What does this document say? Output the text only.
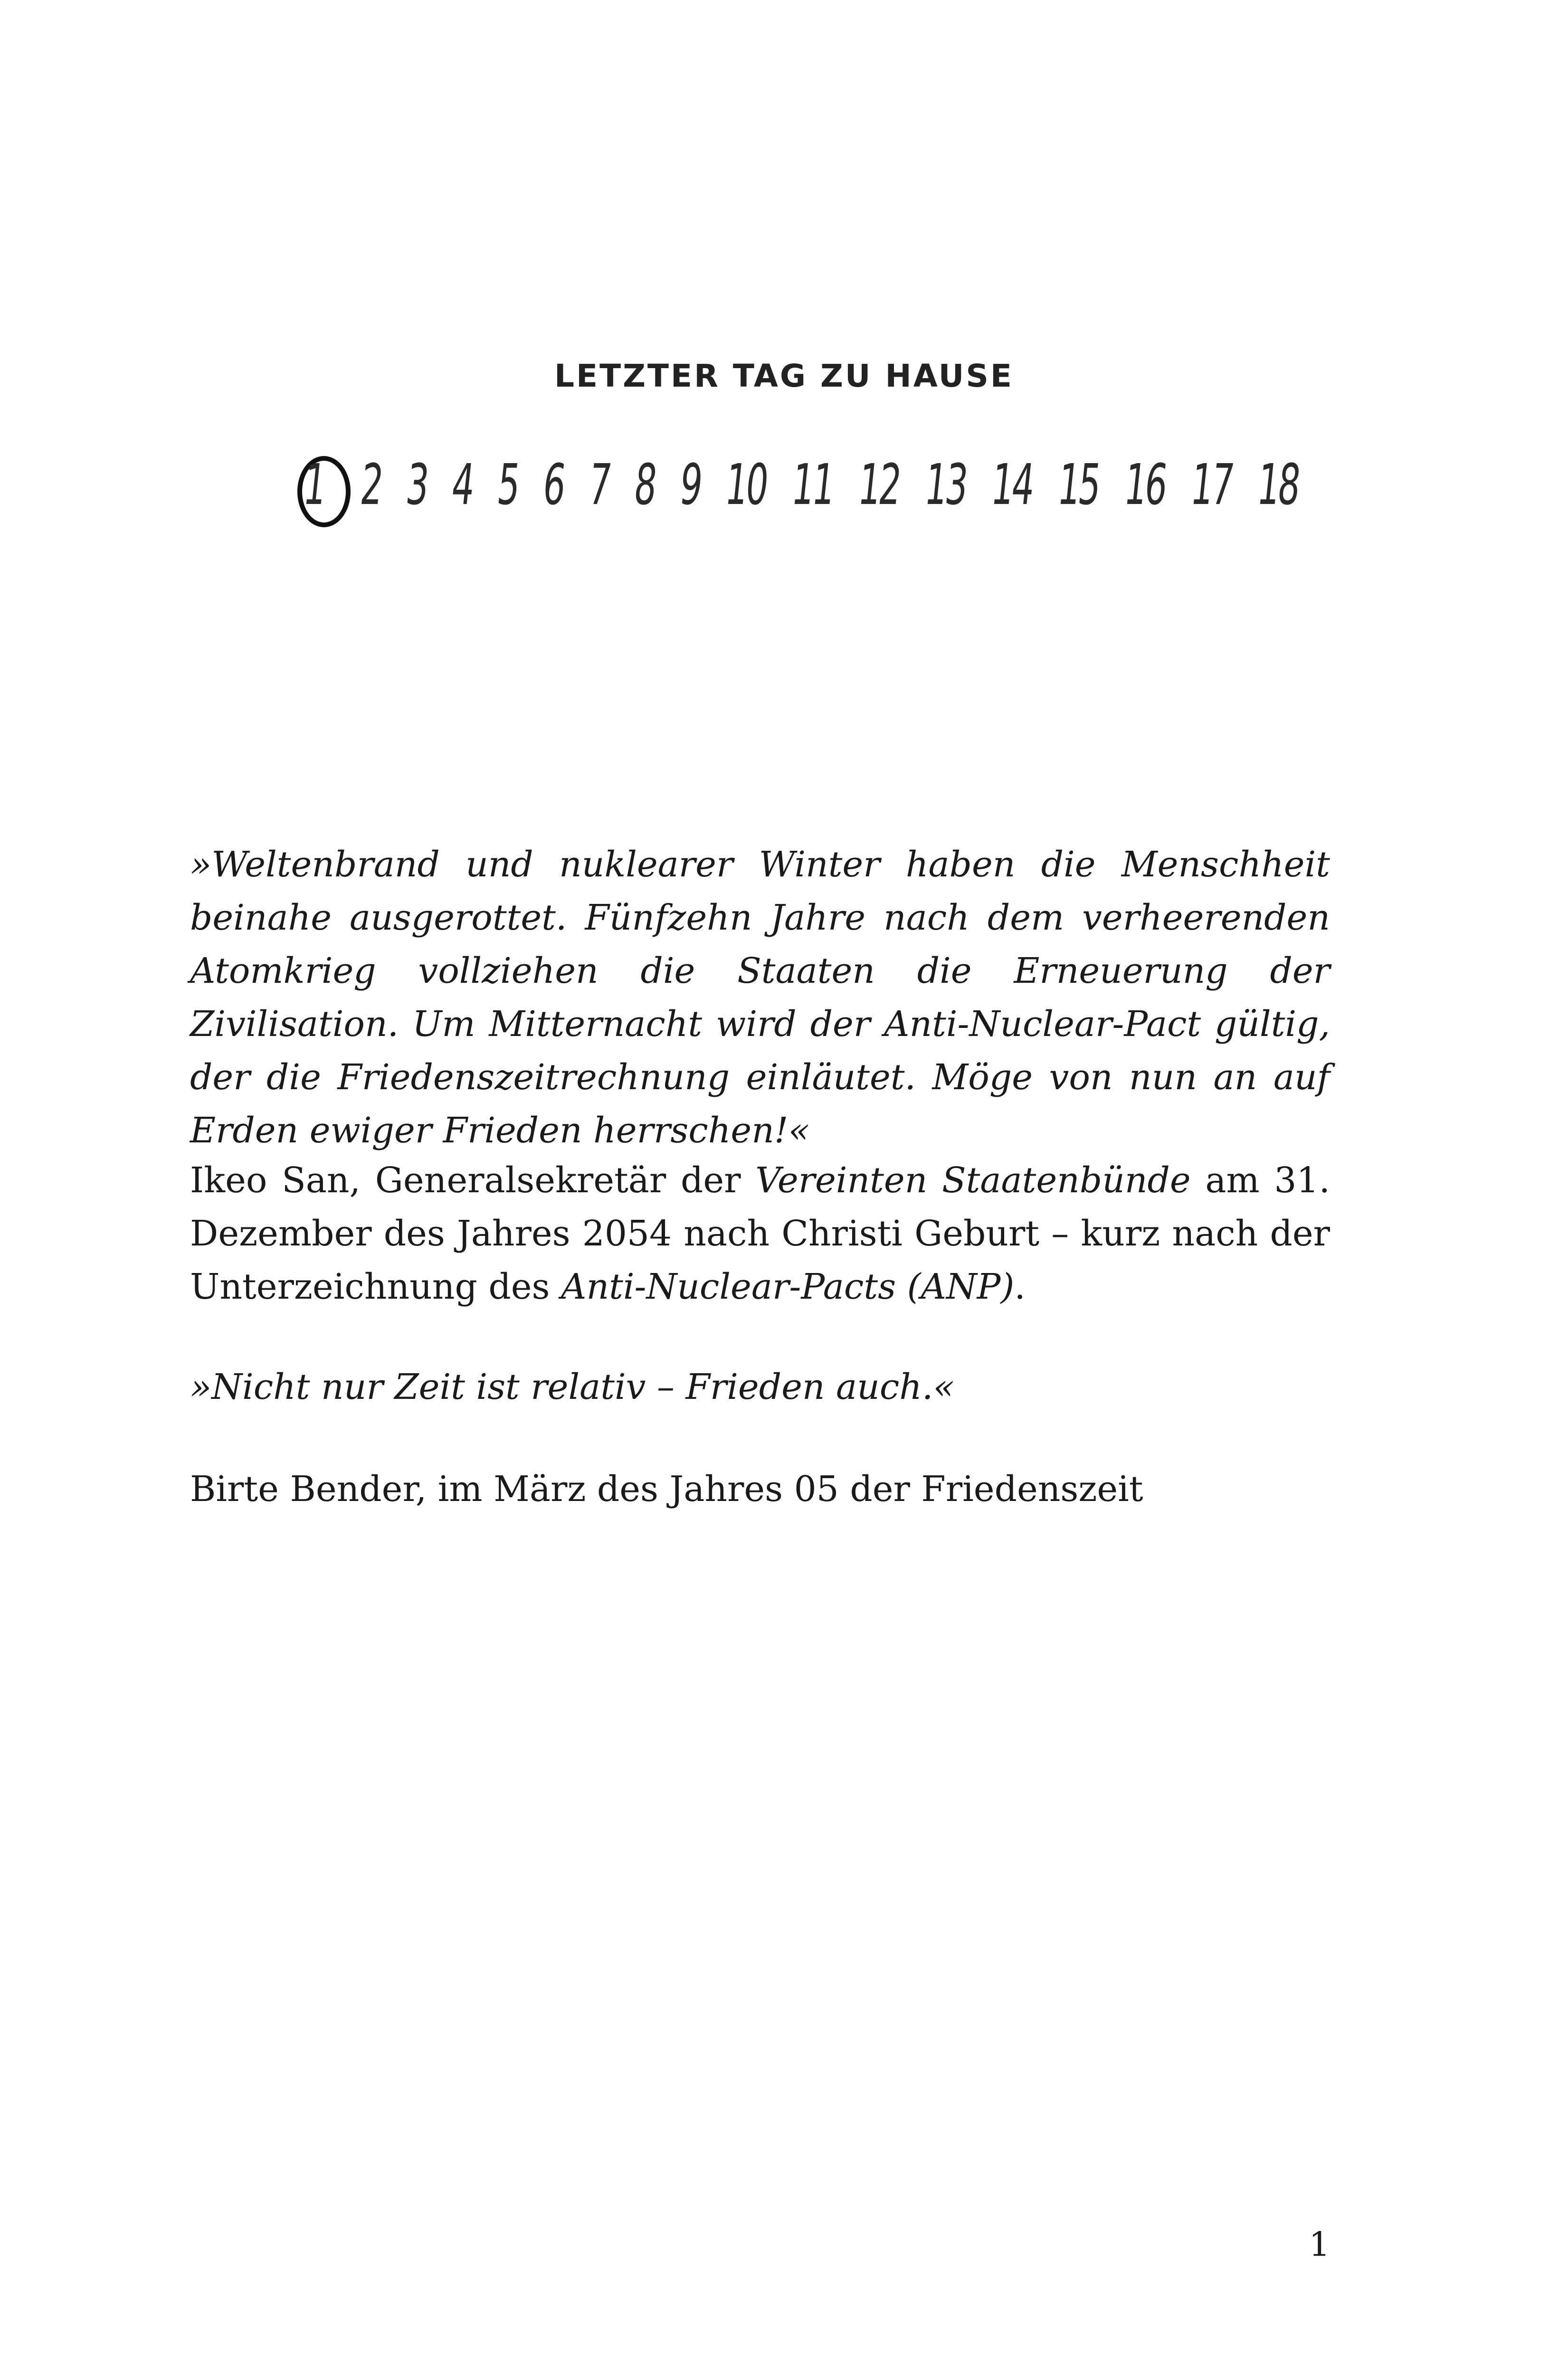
LETZTER TAG ZU HAUSE
1 2 3 4 5 6 7 8 9 10 11 12 13 14 15 16 17 18

»Weltenbrand und nuklearer Winter haben die Menschheit beinahe ausgerottet. Fünfzehn Jahre nach dem verheerenden Atomkrieg vollziehen die Staaten die Erneuerung der Zivilisation. Um Mitternacht wird der Anti-Nuclear-Pact gültig, der die Friedenszeitrechnung einläutet. Möge von nun an auf Erden ewiger Frieden herrschen!«

Ikeo San, Generalsekretär der Vereinten Staatenbünde am 31. Dezember des Jahres 2054 nach Christi Geburt – kurz nach der Unterzeichnung des Anti-Nuclear-Pacts (ANP).

»Nicht nur Zeit ist relativ – Frieden auch.«

Birte Bender, im März des Jahres 05 der Friedenszeit

1
